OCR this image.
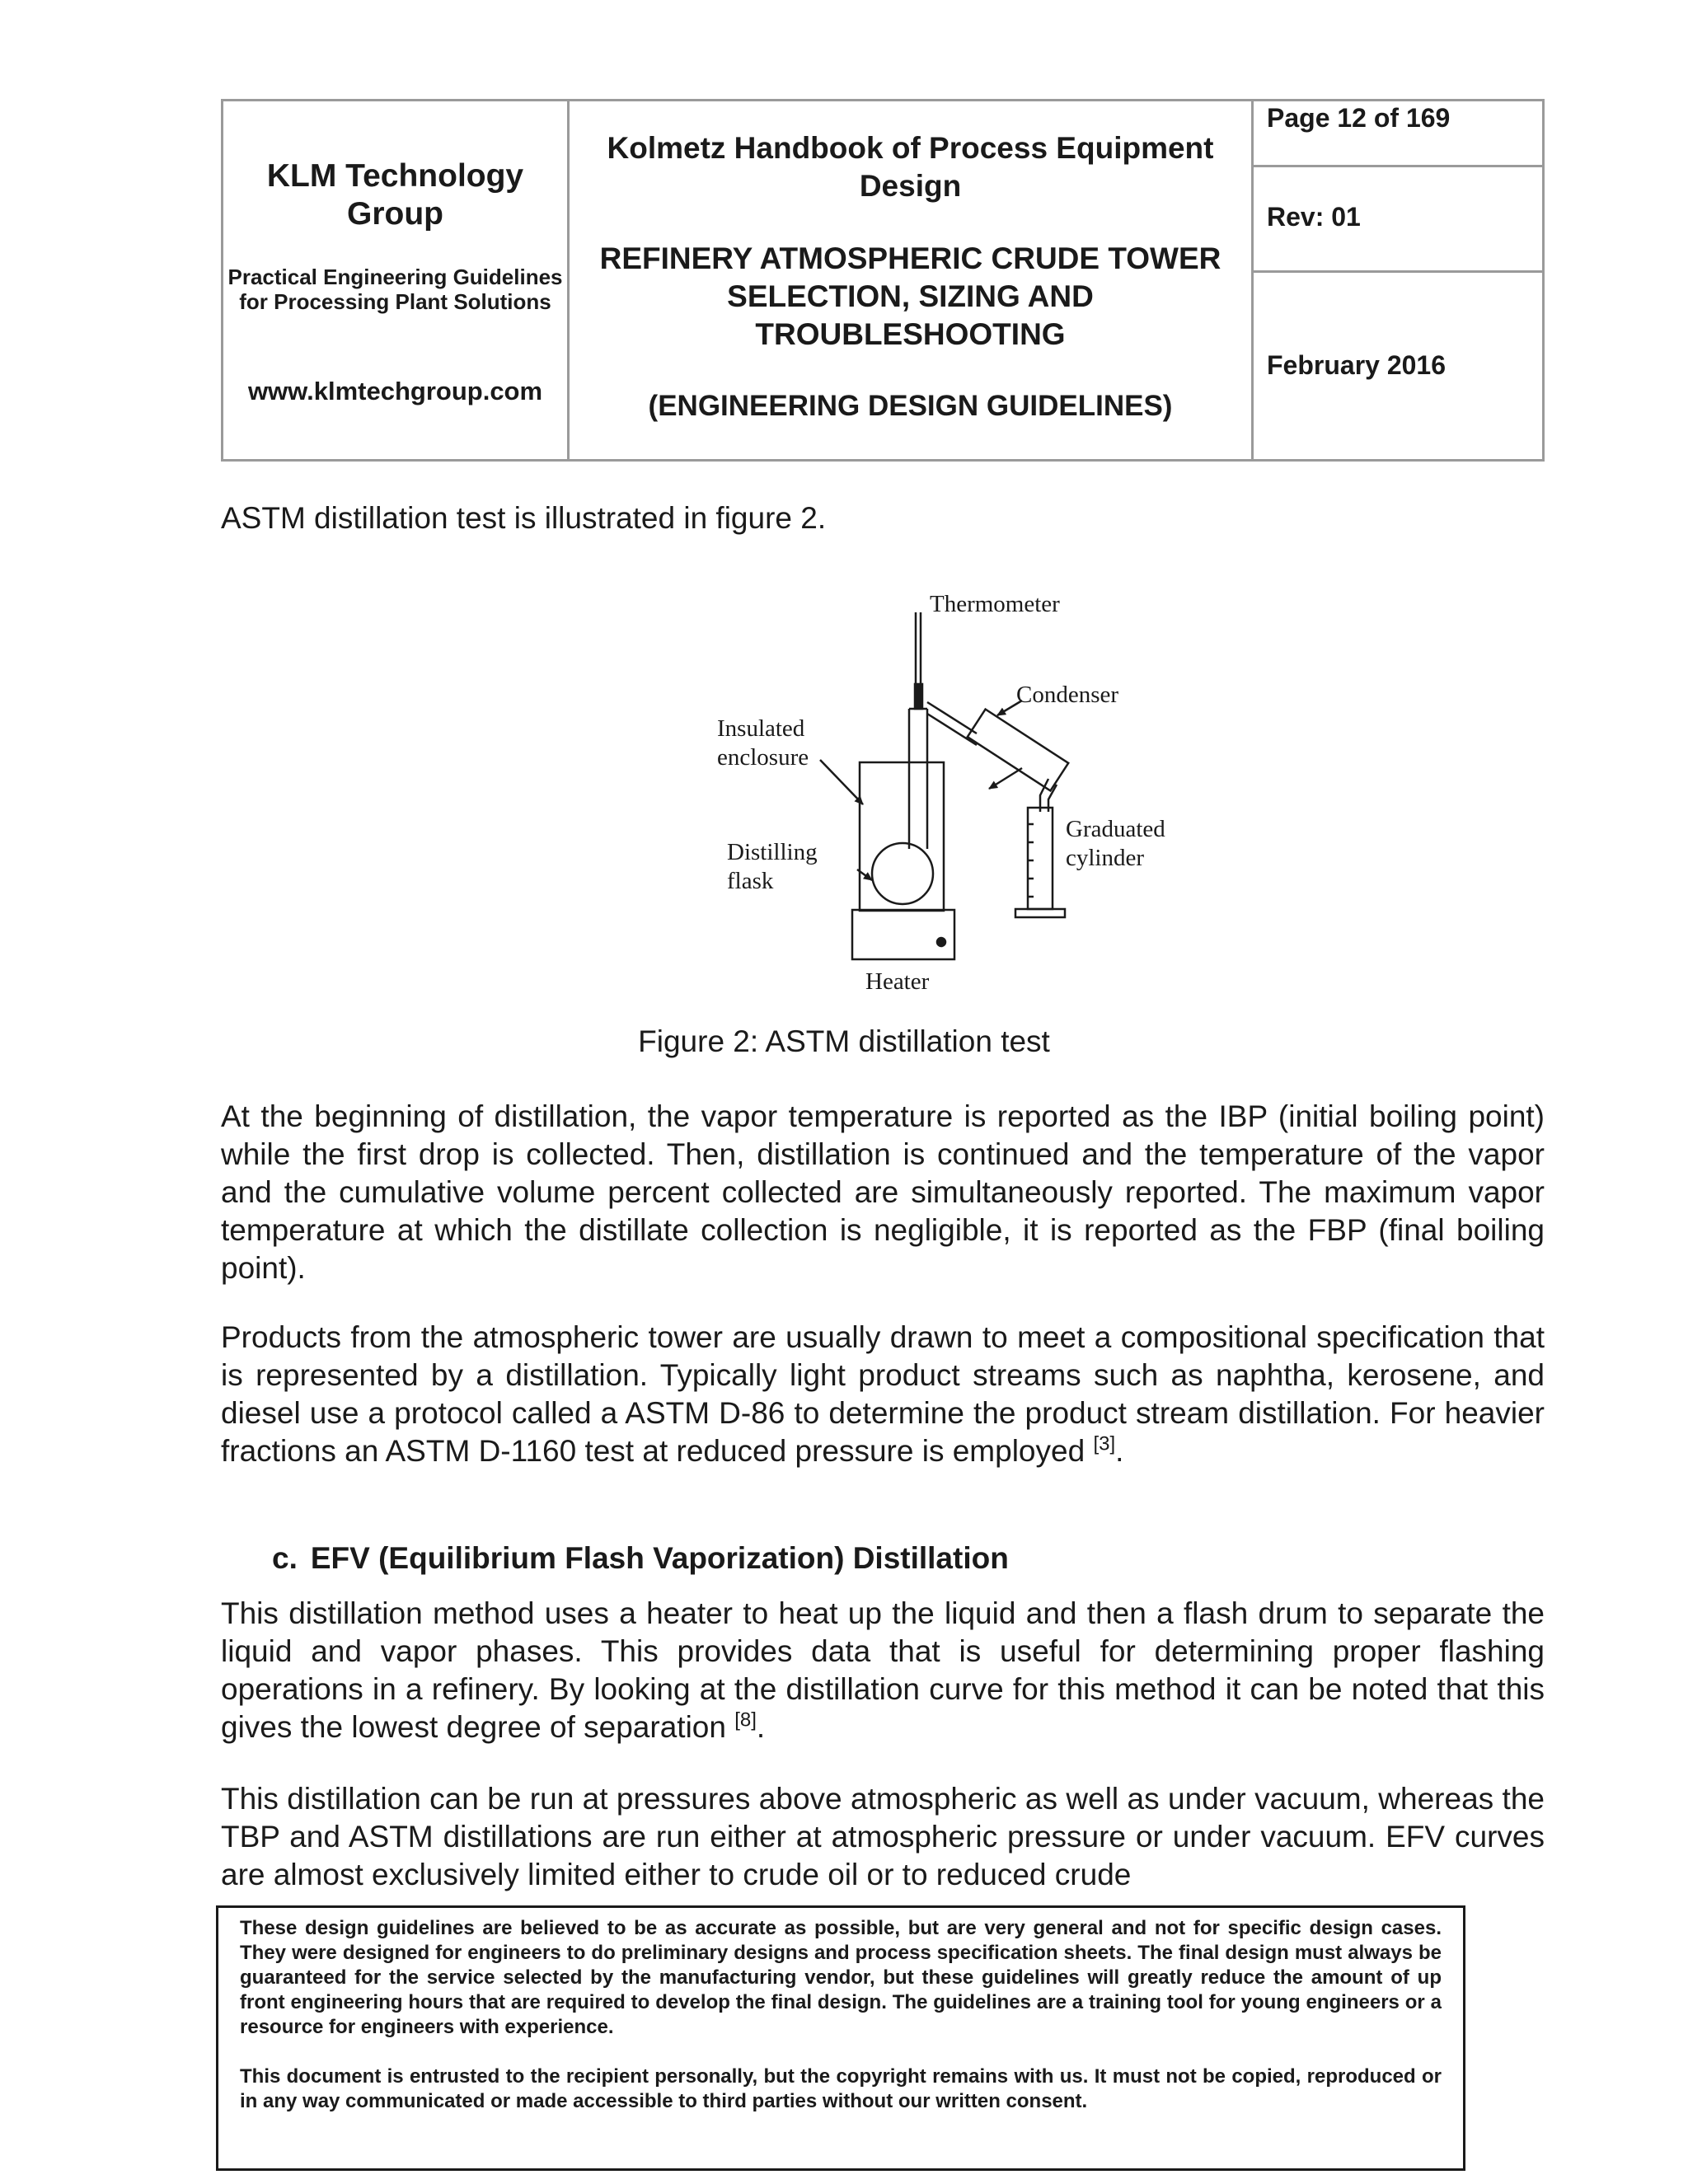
KLM Technology Group
Practical Engineering Guidelines for Processing Plant Solutions
www.klmtechgroup.com
Kolmetz Handbook of Process Equipment Design
REFINERY ATMOSPHERIC CRUDE TOWER SELECTION, SIZING AND TROUBLESHOOTING
(ENGINEERING DESIGN GUIDELINES)
Page 12 of 169
Rev: 01
February 2016

ASTM distillation test is illustrated in figure 2.

Thermometer
Condenser
Insulated
enclosure
Graduated
cylinder
Distilling
flask
Heater
Figure 2: ASTM distillation test

At the beginning of distillation, the vapor temperature is reported as the IBP (initial boiling point) while the first drop is collected. Then, distillation is continued and the temperature of the vapor and the cumulative volume percent collected are simultaneously reported. The maximum vapor temperature at which the distillate collection is negligible, it is reported as the FBP (final boiling point).

Products from the atmospheric tower are usually drawn to meet a compositional specification that is represented by a distillation. Typically light product streams such as naphtha, kerosene, and diesel use a protocol called a ASTM D-86 to determine the product stream distillation. For heavier fractions an ASTM D-1160 test at reduced pressure is employed [3].

c. EFV (Equilibrium Flash Vaporization) Distillation

This distillation method uses a heater to heat up the liquid and then a flash drum to separate the liquid and vapor phases. This provides data that is useful for determining proper flashing operations in a refinery. By looking at the distillation curve for this method it can be noted that this gives the lowest degree of separation [8].

This distillation can be run at pressures above atmospheric as well as under vacuum, whereas the TBP and ASTM distillations are run either at atmospheric pressure or under vacuum. EFV curves are almost exclusively limited either to crude oil or to reduced crude

These design guidelines are believed to be as accurate as possible, but are very general and not for specific design cases. They were designed for engineers to do preliminary designs and process specification sheets. The final design must always be guaranteed for the service selected by the manufacturing vendor, but these guidelines will greatly reduce the amount of up front engineering hours that are required to develop the final design. The guidelines are a training tool for young engineers or a resource for engineers with experience.

This document is entrusted to the recipient personally, but the copyright remains with us. It must not be copied, reproduced or in any way communicated or made accessible to third parties without our written consent.
